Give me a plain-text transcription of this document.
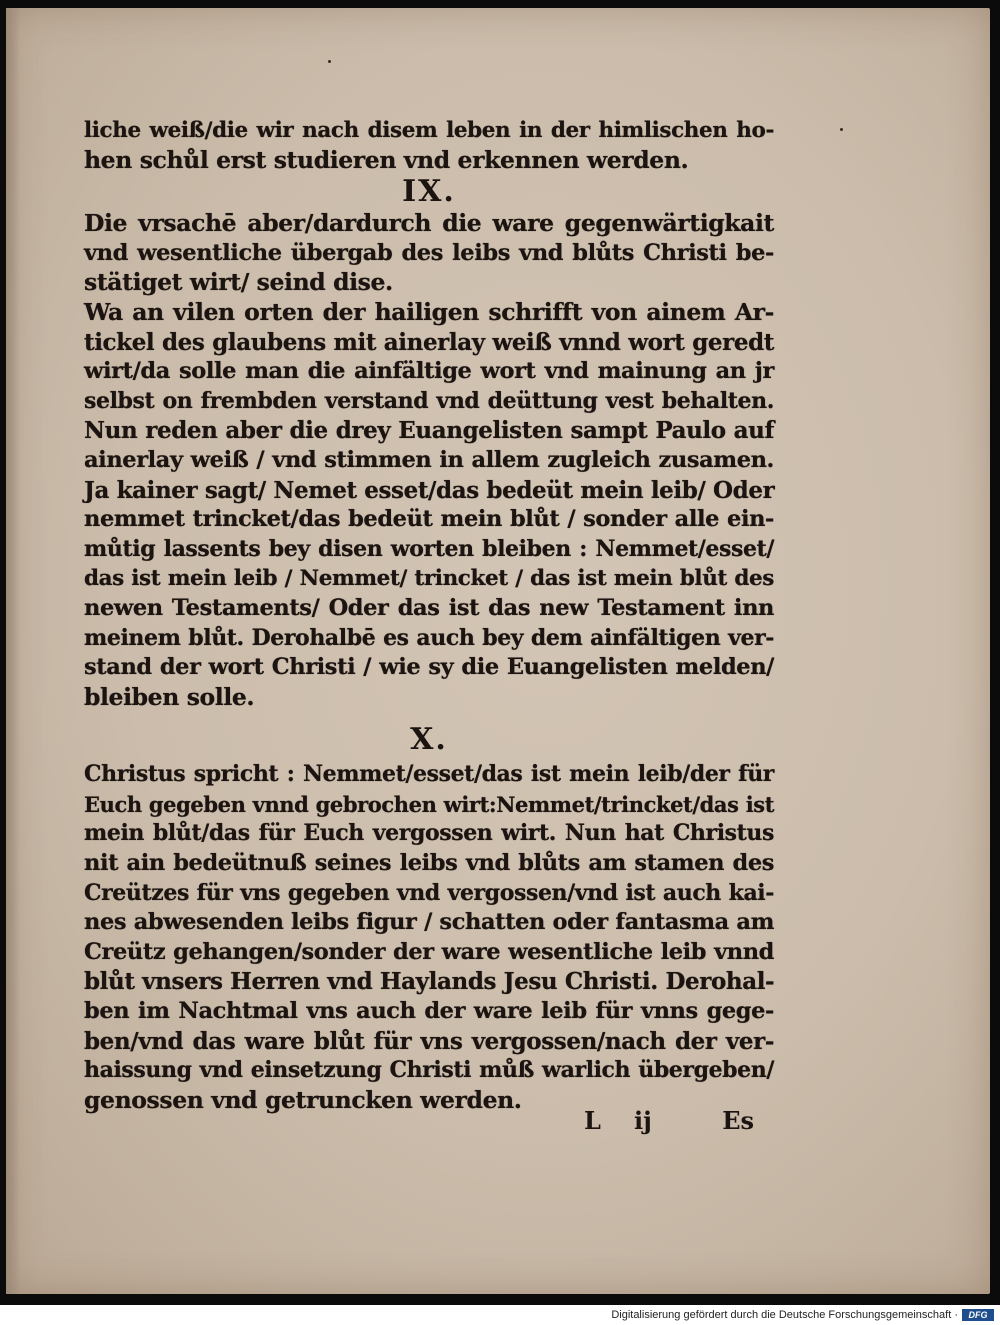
liche weiß/die wir nach disem leben in der himlischen ho-
hen schůl erst studieren vnd erkennen werden.
IX.
Die vrsachē aber/dardurch die ware gegenwärtigkait
vnd wesentliche übergab des leibs vnd blůts Christi be-
stätiget wirt/ seind dise.
Wa an vilen orten der hailigen schrifft von ainem Ar-
tickel des glaubens mit ainerlay weiß vnnd wort geredt
wirt/da solle man die ainfältige wort vnd mainung an jr
selbst on frembden verstand vnd deüttung vest behalten.
Nun reden aber die drey Euangelisten sampt Paulo auf
ainerlay weiß / vnd stimmen in allem zugleich zusamen.
Ja kainer sagt/ Nemet esset/das bedeüt mein leib/ Oder
nemmet trincket/das bedeüt mein blůt / sonder alle ein-
můtig lassents bey disen worten bleiben : Nemmet/esset/
das ist mein leib / Nemmet/ trincket / das ist mein blůt des
newen Testaments/ Oder das ist das new Testament inn
meinem blůt. Derohalbē es auch bey dem ainfältigen ver-
stand der wort Christi / wie sy die Euangelisten melden/
bleiben solle.
X.
Christus spricht : Nemmet/esset/das ist mein leib/der für
Euch gegeben vnnd gebrochen wirt:Nemmet/trincket/das ist
mein blůt/das für Euch vergossen wirt. Nun hat Christus
nit ain bedeütnuß seines leibs vnd blůts am stamen des
Creützes für vns gegeben vnd vergossen/vnd ist auch kai-
nes abwesenden leibs figur / schatten oder fantasma am
Creütz gehangen/sonder der ware wesentliche leib vnnd
blůt vnsers Herren vnd Haylands Jesu Christi. Derohal-
ben im Nachtmal vns auch der ware leib für vnns gege-
ben/vnd das ware blůt für vns vergossen/nach der ver-
haissung vnd einsetzung Christi můß warlich übergeben/
genossen vnd getruncken werden.
L ij	Es
Digitalisierung gefördert durch die Deutsche Forschungsgemeinschaft ·	DFG
